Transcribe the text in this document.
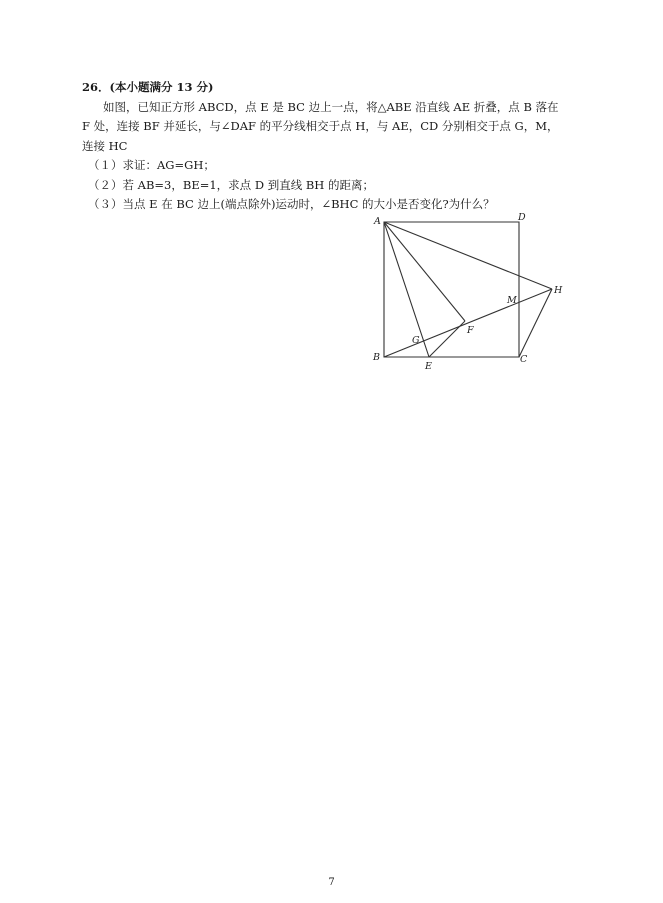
26．(本小题满分 13 分)
如图，已知正方形 ABCD，点 E 是 BC 边上一点，将△ABE 沿直线 AE 折叠，点 B 落在
F 处，连接 BF 并延长，与∠DAF 的平分线相交于点 H，与 AE，CD 分别相交于点 G，M，
连接 HC
（１）求证：AG=GH；
（２）若 AB=3，BE=1，求点 D 到直线 BH 的距离；
（３）当点 E 在 BC 边上(端点除外)运动时，∠BHC 的大小是否变化?为什么？
A	D
B	C
E
F
G
M
H
7
